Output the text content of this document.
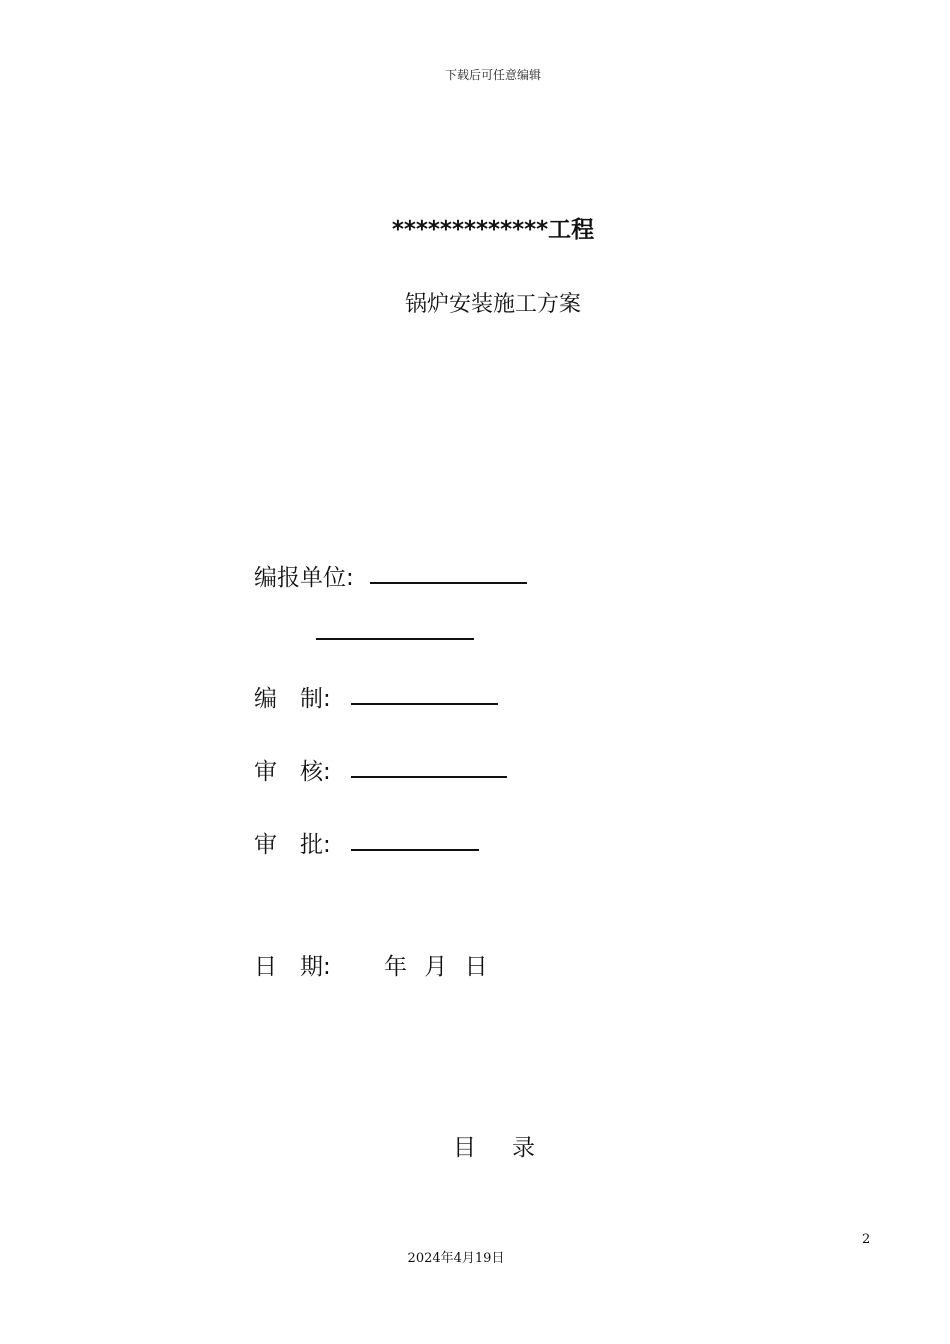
下载后可任意编辑
*************工程
锅炉安装施工方案
编报单位:
编　制:
审　核:
审　批:
日　期: 年 月 日
目录
2
2024年4月19日
